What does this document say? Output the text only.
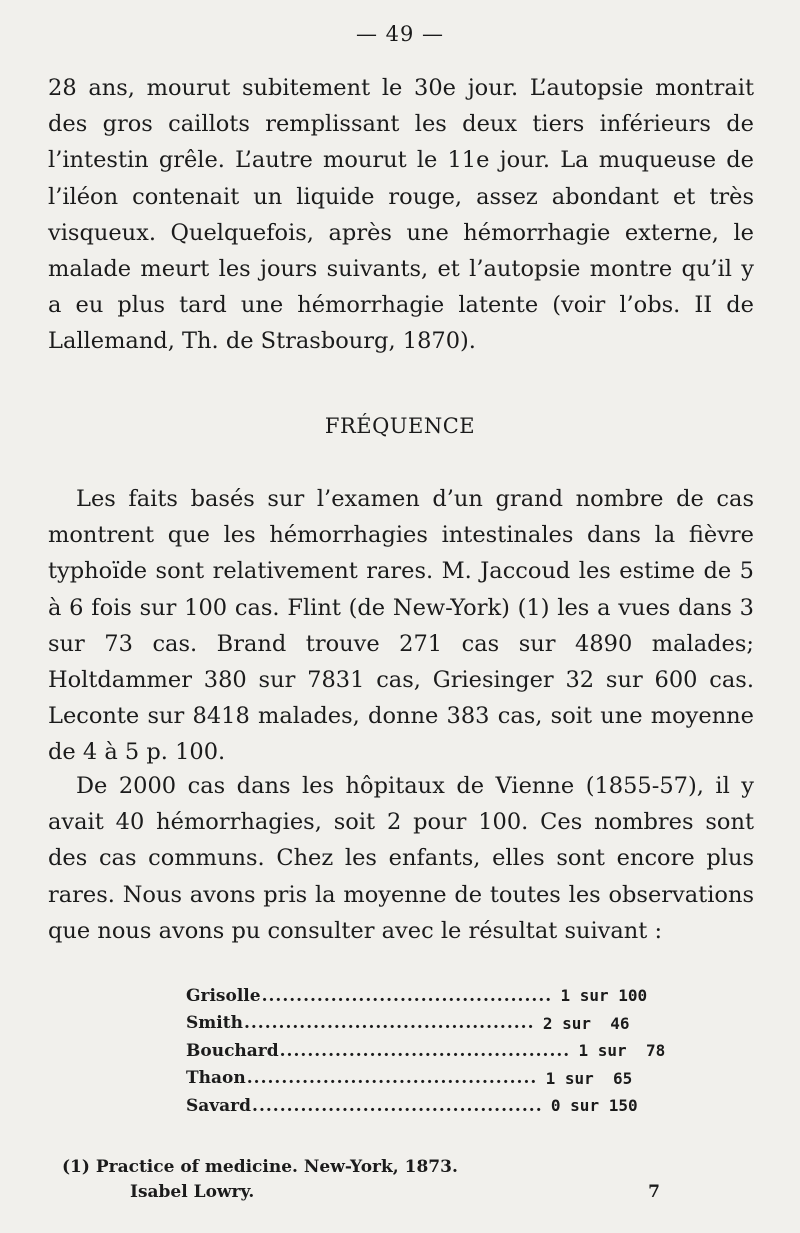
— 49 —

28 ans, mourut subitement le 30e jour. L’autopsie montrait des gros caillots remplissant les deux tiers inférieurs de l’intestin grêle. L’autre mourut le 11e jour. La muqueuse de l’iléon contenait un liquide rouge, assez abondant et très visqueux. Quelquefois, après une hémorrhagie externe, le malade meurt les jours suivants, et l’autopsie montre qu’il y a eu plus tard une hémorrhagie latente (voir l’obs. II de Lallemand, Th. de Strasbourg, 1870).

FRÉQUENCE

Les faits basés sur l’examen d’un grand nombre de cas montrent que les hémorrhagies intestinales dans la fièvre typhoïde sont relativement rares. M. Jaccoud les estime de 5 à 6 fois sur 100 cas. Flint (de New-York) (1) les a vues dans 3 sur 73 cas. Brand trouve 271 cas sur 4890 malades; Holtdammer 380 sur 7831 cas, Griesinger 32 sur 600 cas. Leconte sur 8418 malades, donne 383 cas, soit une moyenne de 4 à 5 p. 100.

De 2000 cas dans les hôpitaux de Vienne (1855-57), il y avait 40 hémorrhagies, soit 2 pour 100. Ces nombres sont des cas communs. Chez les enfants, elles sont encore plus rares. Nous avons pris la moyenne de toutes les observations que nous avons pu consulter avec le résultat suivant :

Grisolle .......................................... 1 sur 100
Smith .......................................... 2 sur  46
Bouchard .......................................... 1 sur  78
Thaon .......................................... 1 sur  65
Savard .......................................... 0 sur 150
(1) Practice of medicine. New-York, 1873.
Isabel Lowry.	7
